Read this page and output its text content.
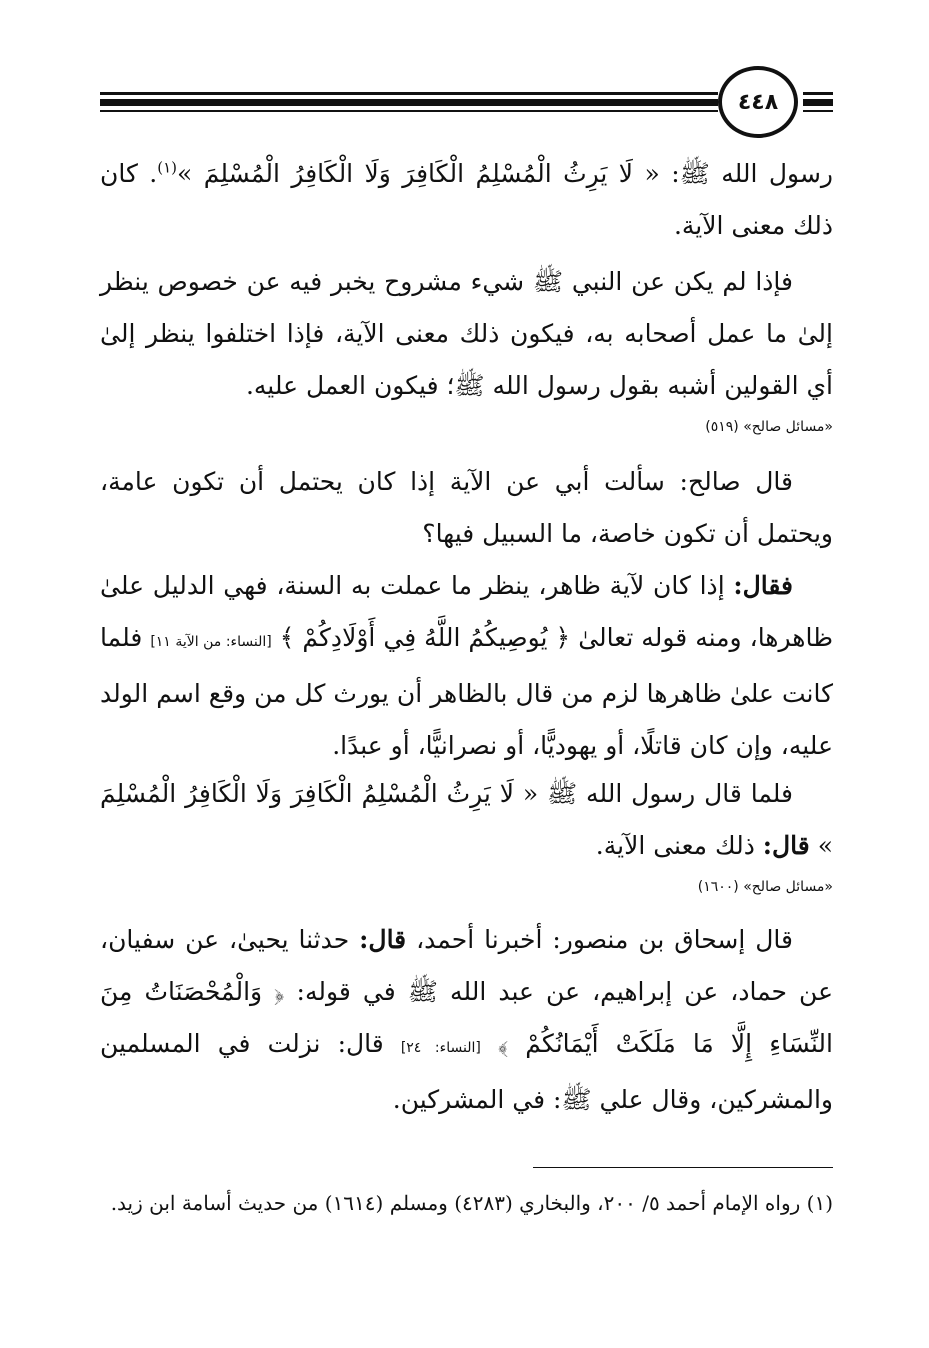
٤٤٨

رسول الله ﷺ: « لَا يَرِثُ الْمُسْلِمُ الْكَافِرَ وَلَا الْكَافِرُ الْمُسْلِمَ »$^{(١)}$. كان ذلك معنى الآية.

فإذا لم يكن عن النبي ﷺ شيء مشروح يخبر فيه عن خصوص ينظر إلىٰ ما عمل أصحابه به، فيكون ذلك معنى الآية، فإذا اختلفوا ينظر إلىٰ أي القولين أشبه بقول رسول الله ﷺ؛ فيكون العمل عليه.

«مسائل صالح» (٥١٩)

قال صالح: سألت أبي عن الآية إذا كان يحتمل أن تكون عامة، ويحتمل أن تكون خاصة، ما السبيل فيها؟

فقال: إذا كان لآية ظاهر، ينظر ما عملت به السنة، فهي الدليل علىٰ ظاهرها، ومنه قوله تعالىٰ ﴿ يُوصِيكُمُ اللَّهُ فِي أَوْلَادِكُمْ ﴾ [النساء: من الآية ١١] فلما كانت علىٰ ظاهرها لزم من قال بالظاهر أن يورث كل من وقع اسم الولد عليه، وإن كان قاتلًا، أو يهوديًّا، أو نصرانيًّا، أو عبدًا.

فلما قال رسول الله ﷺ « لَا يَرِثُ الْمُسْلِمُ الْكَافِرَ وَلَا الْكَافِرُ الْمُسْلِمَ » قال: ذلك معنى الآية.

«مسائل صالح» (١٦٠٠)

قال إسحاق بن منصور: أخبرنا أحمد، قال: حدثنا يحيىٰ، عن سفيان، عن حماد، عن إبراهيم، عن عبد الله ﷺ في قوله: ﴿ وَالْمُحْصَنَاتُ مِنَ النِّسَاءِ إِلَّا مَا مَلَكَتْ أَيْمَانُكُمْ ﴾ [النساء: ٢٤] قال: نزلت في المسلمين والمشركين، وقال علي ﷺ: في المشركين.

(١) رواه الإمام أحمد ٥/ ٢٠٠، والبخاري (٤٢٨٣) ومسلم (١٦١٤) من حديث أسامة ابن زيد.
